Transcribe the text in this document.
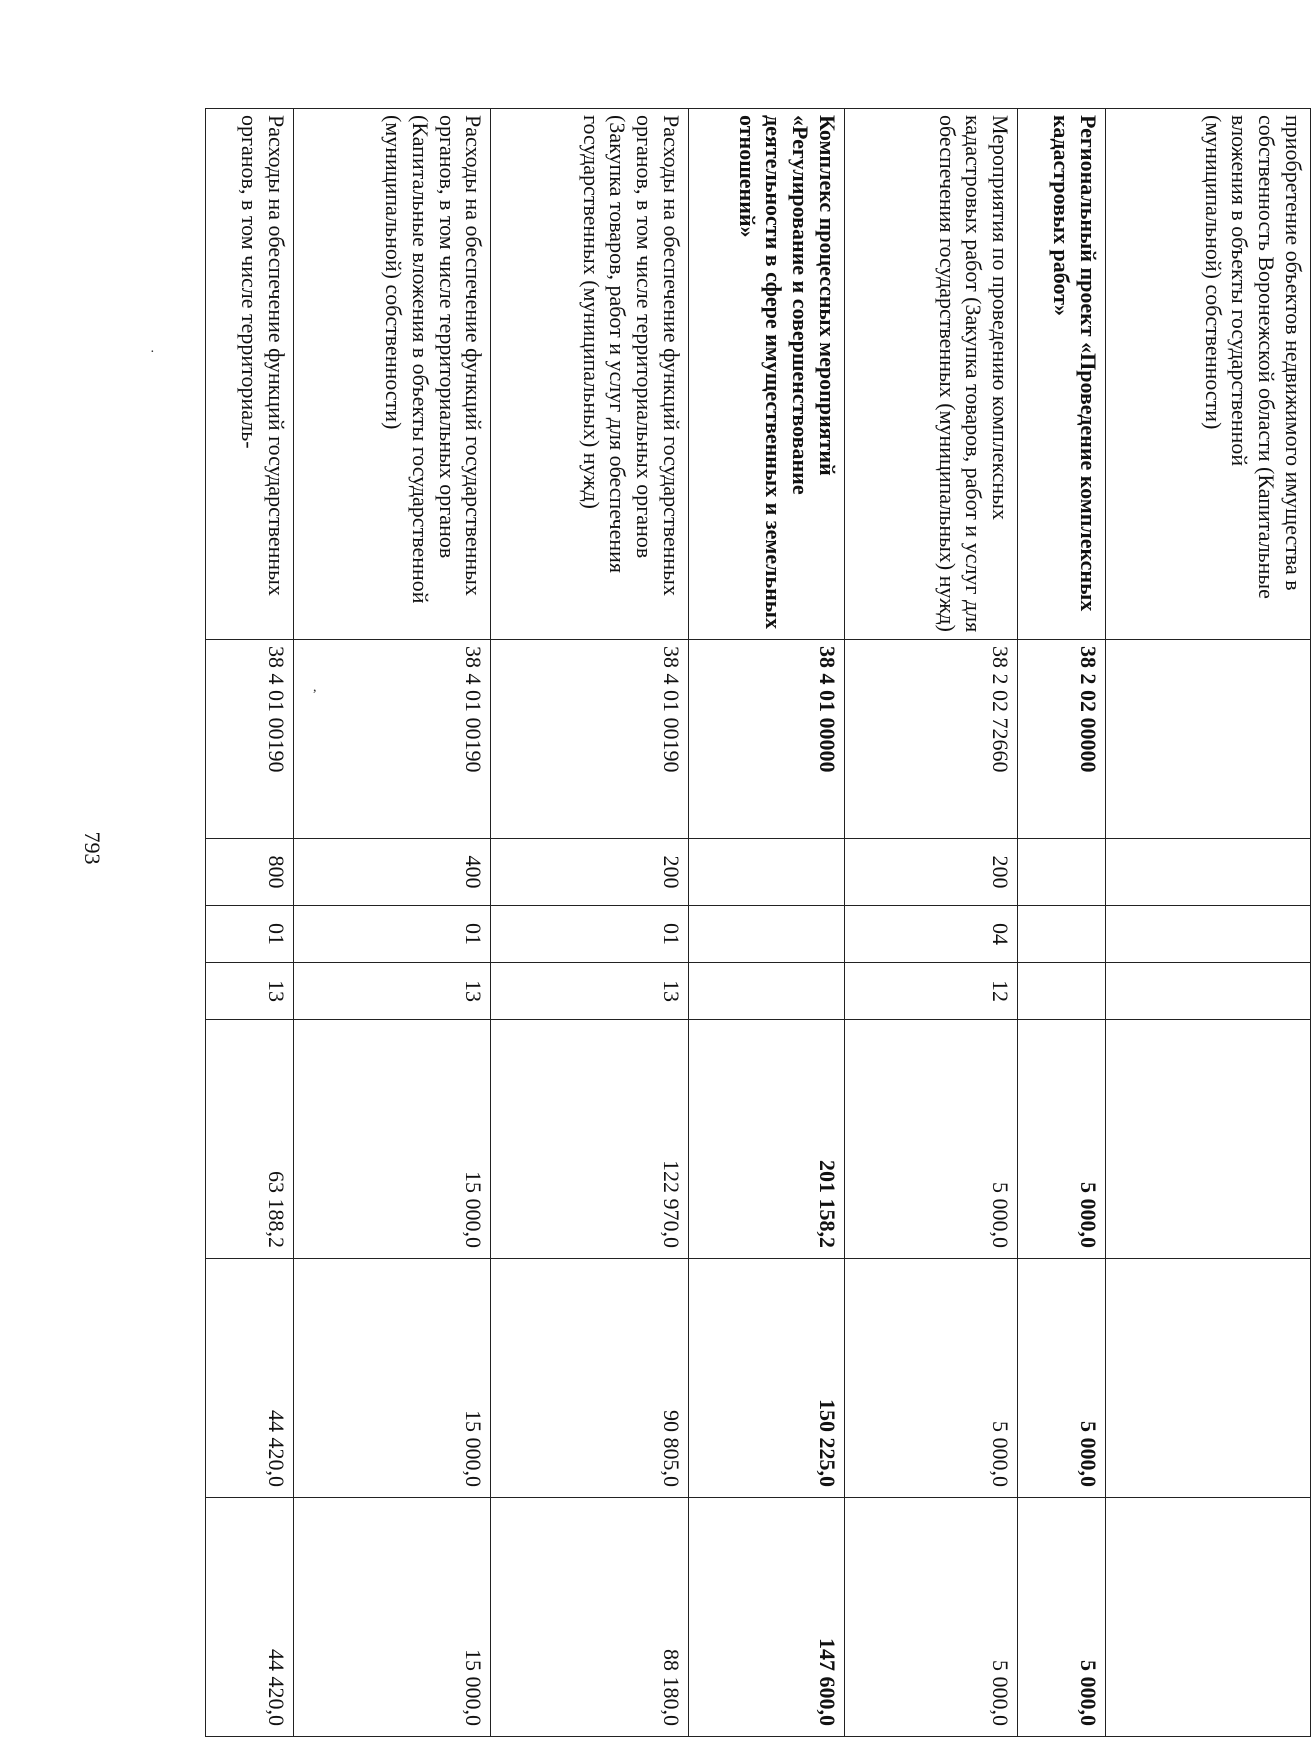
793
приобретение объектов недвижимого имущества в собственность Воронежской области (Капитальные вложения в объекты государственной (муниципальной) собственности)							
Региональный проект «Проведение комплексных кадастровых работ»	38 2 02 00000				5 000,0	5 000,0	5 000,0
Мероприятия по проведению комплексных кадастровых работ (Закупка товаров, работ и услуг для обеспечения государственных (муниципальных) нужд)	38 2 02 72660	200	04	12	5 000,0	5 000,0	5 000,0
Комплекс процессных мероприятий «Регулирование и совершенствование деятельности в сфере имущественных и земельных отношений»	38 4 01 00000				201 158,2	150 225,0	147 600,0
Расходы на обеспечение функций государственных органов, в том числе территориальных органов (Закупка товаров, работ и услуг для обеспечения государственных (муниципальных) нужд)	38 4 01 00190	200	01	13	122 970,0	90 805,0	88 180,0
Расходы на обеспечение функций государственных органов, в том числе территориальных органов (Капитальные вложения в объекты государственной (муниципальной) собственности)	38 4 01 00190	400	01	13	15 000,0	15 000,0	15 000,0
Расходы на обеспечение функций государственных органов, в том числе территориаль-	38 4 01 00190	800	01	13	63 188,2	44 420,0	44 420,0
·
,
